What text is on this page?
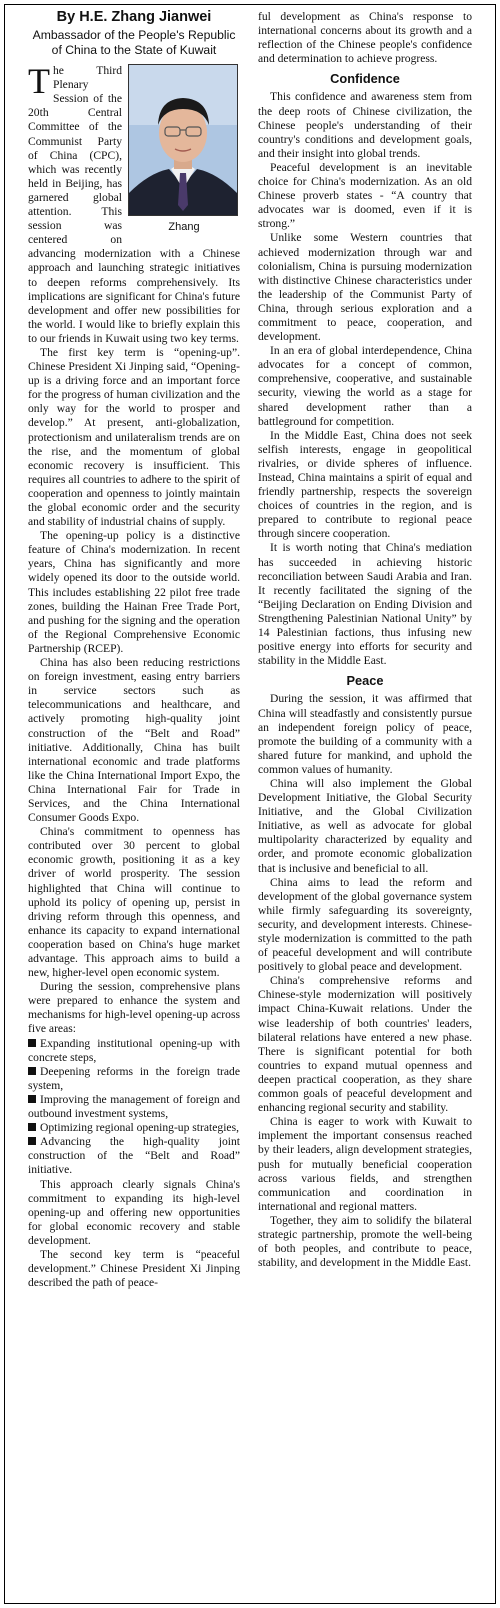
By H.E. Zhang Jianwei
Ambassador of the People's Republic of China to the State of Kuwait

T
Zhang
he Third Plenary Session of the 20th Central Committee of the Communist Party of China (CPC), which was recently held in Beijing, has garnered global attention. This session was centered on advancing modernization with a Chinese approach and launching strategic initiatives to deepen reforms comprehensively. Its implications are significant for China's future development and offer new possibilities for the world. I would like to briefly explain this to our friends in Kuwait using two key terms.

The first key term is “opening-up”. Chinese President Xi Jinping said, “Opening-up is a driving force and an important force for the progress of human civilization and the only way for the world to prosper and develop.” At present, anti-globalization, protectionism and unilateralism trends are on the rise, and the momentum of global economic recovery is insufficient. This requires all countries to adhere to the spirit of cooperation and openness to jointly maintain the global economic order and the security and stability of industrial chains of supply.

The opening-up policy is a distinctive feature of China's modernization. In recent years, China has significantly and more widely opened its door to the outside world. This includes establishing 22 pilot free trade zones, building the Hainan Free Trade Port, and pushing for the signing and the operation of the Regional Comprehensive Economic Partnership (RCEP).

China has also been reducing restrictions on foreign investment, easing entry barriers in service sectors such as telecommunications and healthcare, and actively promoting high-quality joint construction of the “Belt and Road” initiative. Additionally, China has built international economic and trade platforms like the China International Import Expo, the China International Fair for Trade in Services, and the China International Consumer Goods Expo.

China's commitment to openness has contributed over 30 percent to global economic growth, positioning it as a key driver of world prosperity. The session highlighted that China will continue to uphold its policy of opening up, persist in driving reform through this openness, and enhance its capacity to expand international cooperation based on China's huge market advantage. This approach aims to build a new, higher-level open economic system.

During the session, comprehensive plans were prepared to enhance the system and mechanisms for high-level opening-up across five areas:

Expanding institutional opening-up with concrete steps,

Deepening reforms in the foreign trade system,

Improving the management of foreign and outbound investment systems,

Optimizing regional opening-up strategies,

Advancing the high-quality joint construction of the “Belt and Road” initiative.

This approach clearly signals China's commitment to expanding its high-level opening-up and offering new opportunities for global economic recovery and stable development.

The second key term is “peaceful development.” Chinese President Xi Jinping described the path of peace-

ful development as China's response to international concerns about its growth and a reflection of the Chinese people's confidence and determination to achieve progress.

Confidence

This confidence and awareness stem from the deep roots of Chinese civilization, the Chinese people's understanding of their country's conditions and development goals, and their insight into global trends.

Peaceful development is an inevitable choice for China's modernization. As an old Chinese proverb states - “A country that advocates war is doomed, even if it is strong.”

Unlike some Western countries that achieved modernization through war and colonialism, China is pursuing modernization with distinctive Chinese characteristics under the leadership of the Communist Party of China, through serious exploration and a commitment to peace, cooperation, and development.

In an era of global interdependence, China advocates for a concept of common, comprehensive, cooperative, and sustainable security, viewing the world as a stage for shared development rather than a battleground for competition.

In the Middle East, China does not seek selfish interests, engage in geopolitical rivalries, or divide spheres of influence. Instead, China maintains a spirit of equal and friendly partnership, respects the sovereign choices of countries in the region, and is prepared to contribute to regional peace through sincere cooperation.

It is worth noting that China's mediation has succeeded in achieving historic reconciliation between Saudi Arabia and Iran. It recently facilitated the signing of the “Beijing Declaration on Ending Division and Strengthening Palestinian National Unity” by 14 Palestinian factions, thus infusing new positive energy into efforts for security and stability in the Middle East.

Peace

During the session, it was affirmed that China will steadfastly and consistently pursue an independent foreign policy of peace, promote the building of a community with a shared future for mankind, and uphold the common values of humanity.

China will also implement the Global Development Initiative, the Global Security Initiative, and the Global Civilization Initiative, as well as advocate for global multipolarity characterized by equality and order, and promote economic globalization that is inclusive and beneficial to all.

China aims to lead the reform and development of the global governance system while firmly safeguarding its sovereignty, security, and development interests. Chinese-style modernization is committed to the path of peaceful development and will contribute positively to global peace and development.

China's comprehensive reforms and Chinese-style modernization will positively impact China-Kuwait relations. Under the wise leadership of both countries' leaders, bilateral relations have entered a new phase. There is significant potential for both countries to expand mutual openness and deepen practical cooperation, as they share common goals of peaceful development and enhancing regional security and stability.

China is eager to work with Kuwait to implement the important consensus reached by their leaders, align development strategies, push for mutually beneficial cooperation across various fields, and strengthen communication and coordination in international and regional matters.

Together, they aim to solidify the bilateral strategic partnership, promote the well-being of both peoples, and contribute to peace, stability, and development in the Middle East.
